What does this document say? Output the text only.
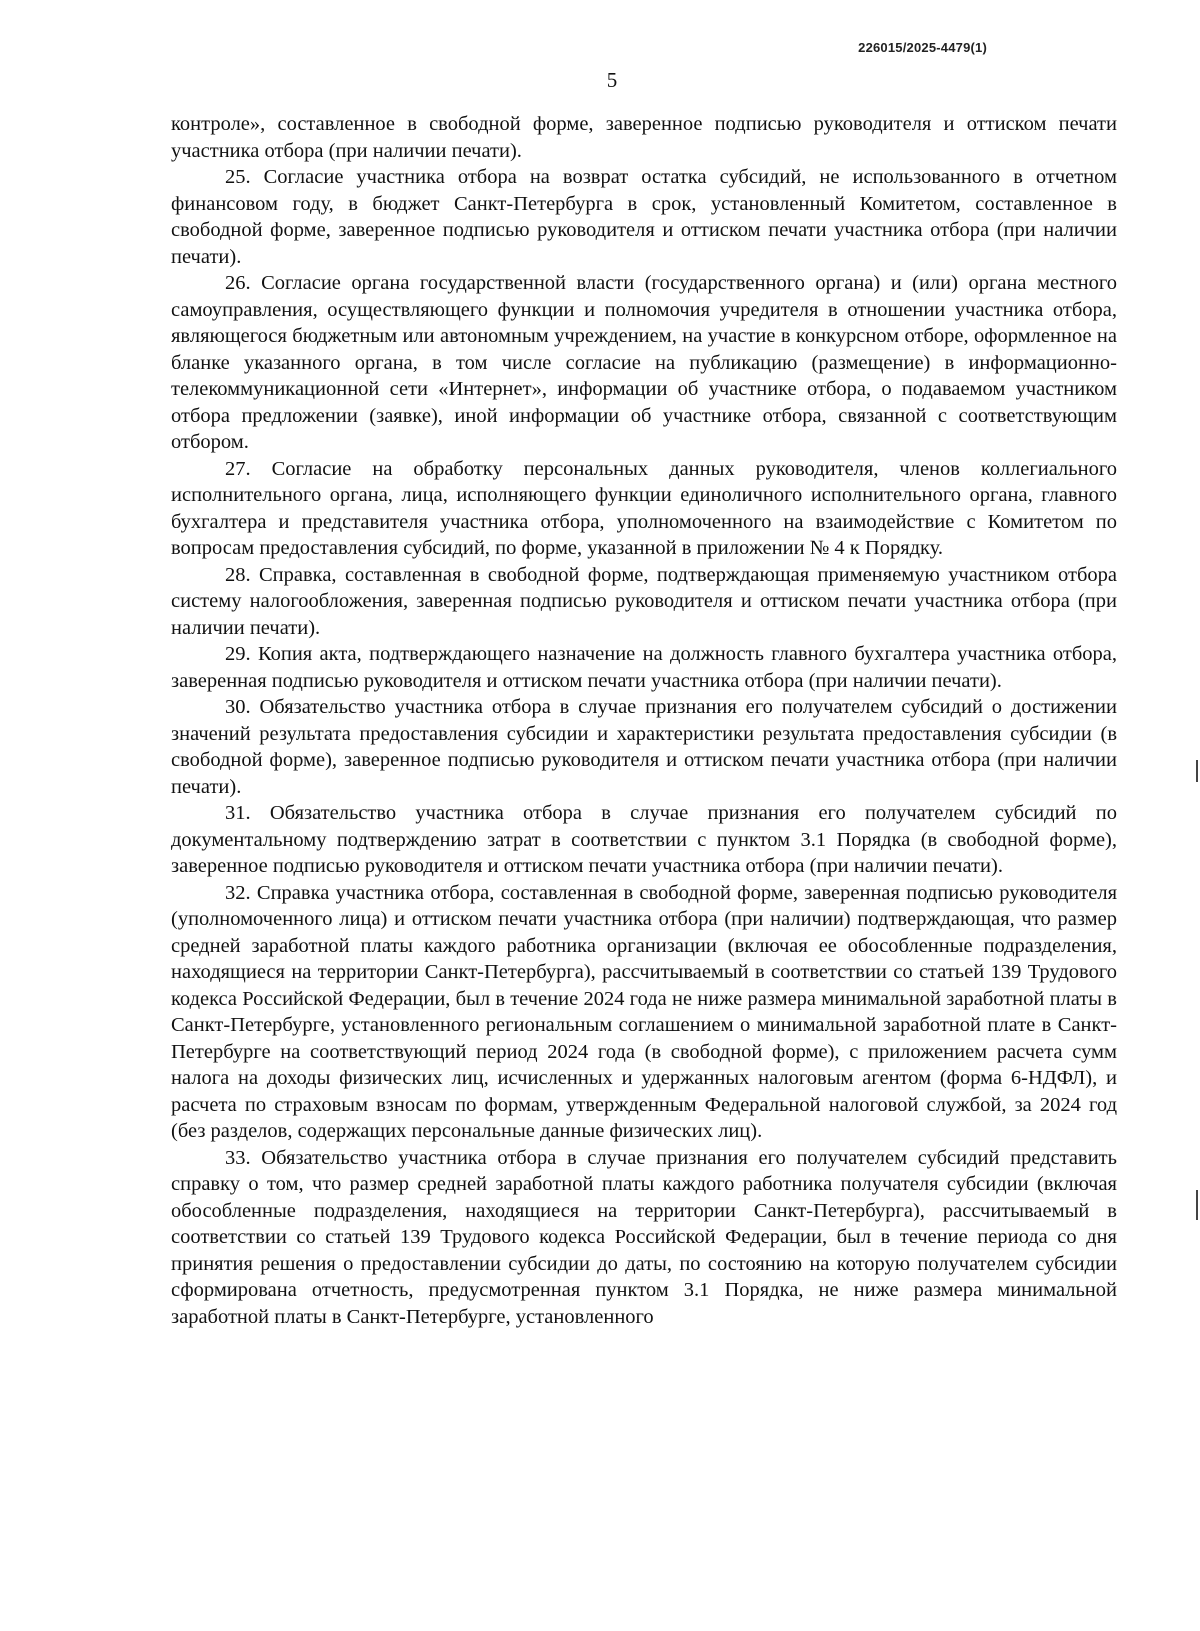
226015/2025-4479(1)
5

контроле», составленное в свободной форме, заверенное подписью руководителя и оттиском печати участника отбора (при наличии печати).

25. Согласие участника отбора на возврат остатка субсидий, не использованного в отчетном финансовом году, в бюджет Санкт-Петербурга в срок, установленный Комитетом, составленное в свободной форме, заверенное подписью руководителя и оттиском печати участника отбора (при наличии печати).

26. Согласие органа государственной власти (государственного органа) и (или) органа местного самоуправления, осуществляющего функции и полномочия учредителя в отношении участника отбора, являющегося бюджетным или автономным учреждением, на участие в конкурсном отборе, оформленное на бланке указанного органа, в том числе согласие на публикацию (размещение) в информационно-телекоммуникационной сети «Интернет», информации об участнике отбора, о подаваемом участником отбора предложении (заявке), иной информации об участнике отбора, связанной с соответствующим отбором.

27. Согласие на обработку персональных данных руководителя, членов коллегиального исполнительного органа, лица, исполняющего функции единоличного исполнительного органа, главного бухгалтера и представителя участника отбора, уполномоченного на взаимодействие с Комитетом по вопросам предоставления субсидий, по форме, указанной в приложении № 4 к Порядку.

28. Справка, составленная в свободной форме, подтверждающая применяемую участником отбора систему налогообложения, заверенная подписью руководителя и оттиском печати участника отбора (при наличии печати).

29. Копия акта, подтверждающего назначение на должность главного бухгалтера участника отбора, заверенная подписью руководителя и оттиском печати участника отбора (при наличии печати).

30. Обязательство участника отбора в случае признания его получателем субсидий о достижении значений результата предоставления субсидии и характеристики результата предоставления субсидии (в свободной форме), заверенное подписью руководителя и оттиском печати участника отбора (при наличии печати).

31. Обязательство участника отбора в случае признания его получателем субсидий по документальному подтверждению затрат в соответствии с пунктом 3.1 Порядка (в свободной форме), заверенное подписью руководителя и оттиском печати участника отбора (при наличии печати).

32. Справка участника отбора, составленная в свободной форме, заверенная подписью руководителя (уполномоченного лица) и оттиском печати участника отбора (при наличии) подтверждающая, что размер средней заработной платы каждого работника организации (включая ее обособленные подразделения, находящиеся на территории Санкт-Петербурга), рассчитываемый в соответствии со статьей 139 Трудового кодекса Российской Федерации, был в течение 2024 года не ниже размера минимальной заработной платы в Санкт-Петербурге, установленного региональным соглашением о минимальной заработной плате в Санкт-Петербурге на соответствующий период 2024 года (в свободной форме), с приложением расчета сумм налога на доходы физических лиц, исчисленных и удержанных налоговым агентом (форма 6-НДФЛ), и расчета по страховым взносам по формам, утвержденным Федеральной налоговой службой, за 2024 год (без разделов, содержащих персональные данные физических лиц).

33. Обязательство участника отбора в случае признания его получателем субсидий представить справку о том, что размер средней заработной платы каждого работника получателя субсидии (включая обособленные подразделения, находящиеся на территории Санкт-Петербурга), рассчитываемый в соответствии со статьей 139 Трудового кодекса Российской Федерации, был в течение периода со дня принятия решения о предоставлении субсидии до даты, по состоянию на которую получателем субсидии сформирована отчетность, предусмотренная пунктом 3.1 Порядка, не ниже размера минимальной заработной платы в Санкт-Петербурге, установленного
